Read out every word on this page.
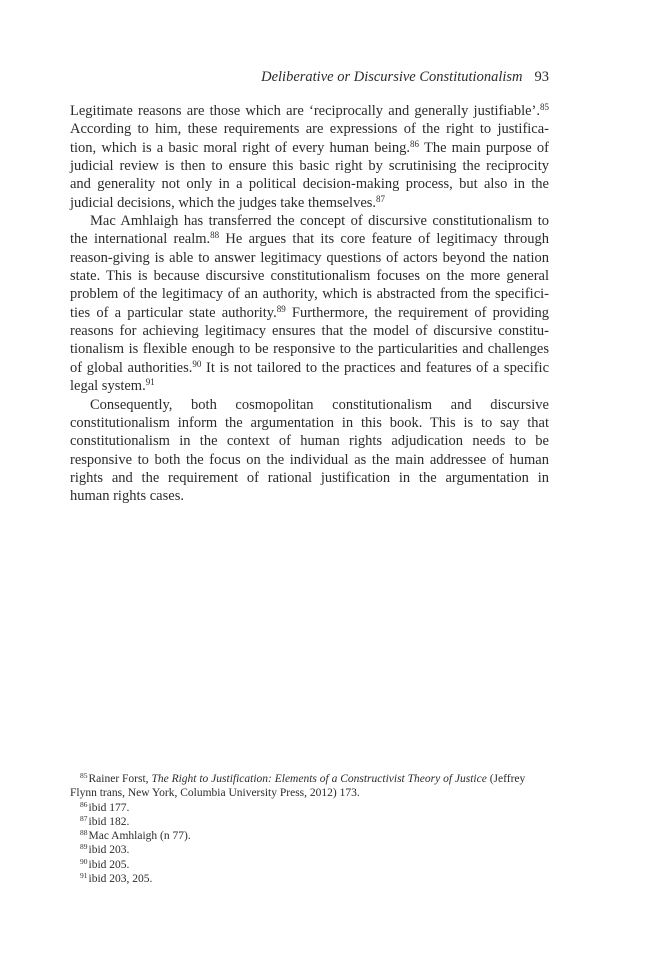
Deliberative or Discursive Constitutionalism 93
Legitimate reasons are those which are ‘reciprocally and generally justifiable’.$^{85}$
According to him, these requirements are expressions of the right to justifica-
tion, which is a basic moral right of every human being.$^{86}$ The main purpose of
judicial review is then to ensure this basic right by scrutinising the reciprocity
and generality not only in a political decision-making process, but also in the
judicial decisions, which the judges take themselves.$^{87}$
Mac Amhlaigh has transferred the concept of discursive constitutionalism to
the international realm.$^{88}$ He argues that its core feature of legitimacy through
reason-giving is able to answer legitimacy questions of actors beyond the nation
state. This is because discursive constitutionalism focuses on the more general
problem of the legitimacy of an authority, which is abstracted from the specifici-
ties of a particular state authority.$^{89}$ Furthermore, the requirement of providing
reasons for achieving legitimacy ensures that the model of discursive constitu-
tionalism is flexible enough to be responsive to the particularities and challenges
of global authorities.$^{90}$ It is not tailored to the practices and features of a specific
legal system.$^{91}$
Consequently, both cosmopolitan constitutionalism and discursive
constitutionalism inform the argumentation in this book. This is to say that
constitutionalism in the context of human rights adjudication needs to be
responsive to both the focus on the individual as the main addressee of human
rights and the requirement of rational justification in the argumentation in
human rights cases.
$^{85}$Rainer Forst, The Right to Justification: Elements of a Constructivist Theory of Justice (Jeffrey
Flynn trans, New York, Columbia University Press, 2012) 173.
$^{86}$ibid 177.
$^{87}$ibid 182.
$^{88}$Mac Amhlaigh (n 77).
$^{89}$ibid 203.
$^{90}$ibid 205.
$^{91}$ibid 203, 205.
